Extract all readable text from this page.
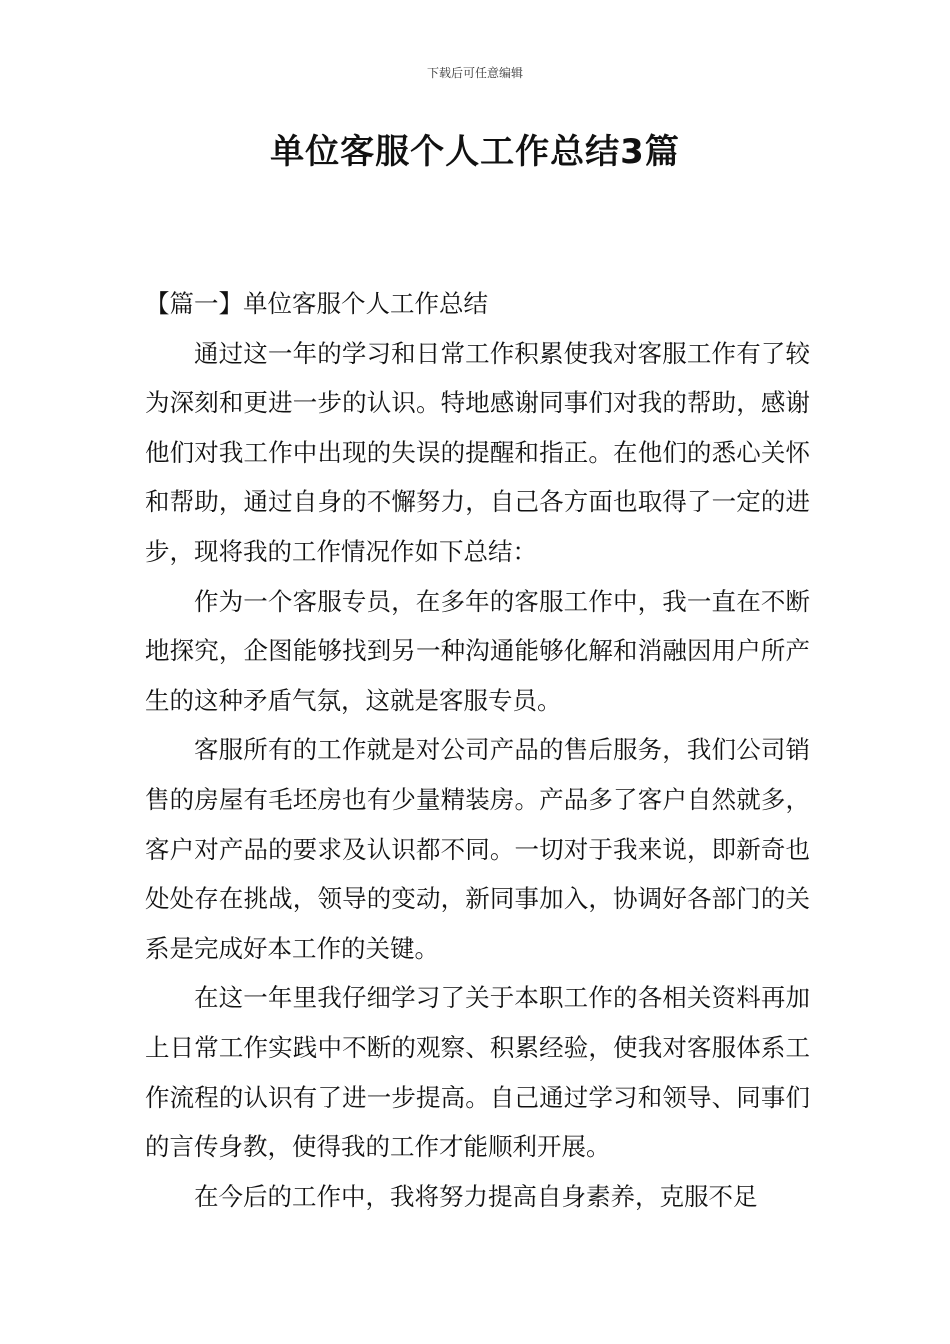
下载后可任意编辑
单位客服个人工作总结3篇
【篇一】单位客服个人工作总结

通过这一年的学习和日常工作积累使我对客服工作有了较为深刻和更进一步的认识。特地感谢同事们对我的帮助，感谢他们对我工作中出现的失误的提醒和指正。在他们的悉心关怀和帮助，通过自身的不懈努力，自己各方面也取得了一定的进步，现将我的工作情况作如下总结：

作为一个客服专员，在多年的客服工作中，我一直在不断地探究，企图能够找到另一种沟通能够化解和消融因用户所产生的这种矛盾气氛，这就是客服专员。

客服所有的工作就是对公司产品的售后服务，我们公司销售的房屋有毛坯房也有少量精装房。产品多了客户自然就多，客户对产品的要求及认识都不同。一切对于我来说，即新奇也处处存在挑战，领导的变动，新同事加入，协调好各部门的关系是完成好本工作的关键。

在这一年里我仔细学习了关于本职工作的各相关资料再加上日常工作实践中不断的观察、积累经验，使我对客服体系工作流程的认识有了进一步提高。自己通过学习和领导、同事们的言传身教，使得我的工作才能顺利开展。

在今后的工作中，我将努力提高自身素养，克服不足
